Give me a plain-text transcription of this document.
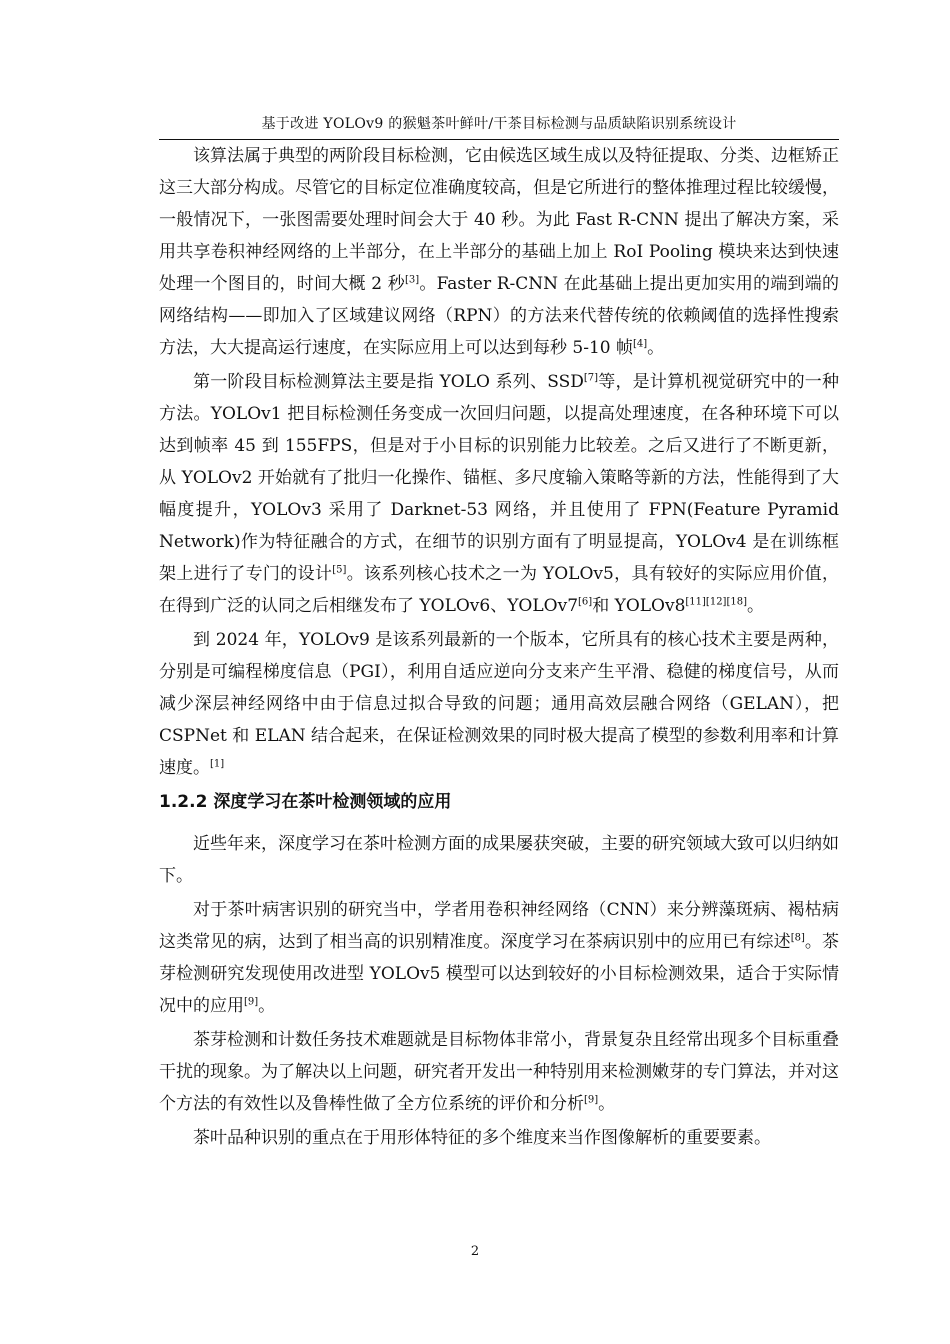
基于改进 YOLOv9 的猴魁茶叶鲜叶/干茶目标检测与品质缺陷识别系统设计

该算法属于典型的两阶段目标检测，它由候选区域生成以及特征提取、分类、边框矫正这三大部分构成。尽管它的目标定位准确度较高，但是它所进行的整体推理过程比较缓慢，一般情况下，一张图需要处理时间会大于 40 秒。为此 Fast R-CNN 提出了解决方案，采用共享卷积神经网络的上半部分，在上半部分的基础上加上 RoI Pooling 模块来达到快速处理一个图目的，时间大概 2 秒[3]。Faster R-CNN 在此基础上提出更加实用的端到端的网络结构——即加入了区域建议网络（RPN）的方法来代替传统的依赖阈值的选择性搜索方法，大大提高运行速度，在实际应用上可以达到每秒 5-10 帧[4]。

第一阶段目标检测算法主要是指 YOLO 系列、SSD[7]等，是计算机视觉研究中的一种方法。YOLOv1 把目标检测任务变成一次回归问题，以提高处理速度，在各种环境下可以达到帧率 45 到 155FPS，但是对于小目标的识别能力比较差。之后又进行了不断更新，从 YOLOv2 开始就有了批归一化操作、锚框、多尺度输入策略等新的方法，性能得到了大幅度提升，YOLOv3 采用了 Darknet-53 网络，并且使用了 FPN(Feature Pyramid Network)作为特征融合的方式，在细节的识别方面有了明显提高，YOLOv4 是在训练框架上进行了专门的设计[5]。该系列核心技术之一为 YOLOv5，具有较好的实际应用价值，在得到广泛的认同之后相继发布了 YOLOv6、YOLOv7[6]和 YOLOv8[11][12][18]。

到 2024 年，YOLOv9 是该系列最新的一个版本，它所具有的核心技术主要是两种，分别是可编程梯度信息（PGI），利用自适应逆向分支来产生平滑、稳健的梯度信号，从而减少深层神经网络中由于信息过拟合导致的问题；通用高效层融合网络（GELAN），把 CSPNet 和 ELAN 结合起来，在保证检测效果的同时极大提高了模型的参数利用率和计算速度。[1]

1.2.2 深度学习在茶叶检测领域的应用

近些年来，深度学习在茶叶检测方面的成果屡获突破，主要的研究领域大致可以归纳如下。

对于茶叶病害识别的研究当中，学者用卷积神经网络（CNN）来分辨藻斑病、褐枯病这类常见的病，达到了相当高的识别精准度。深度学习在茶病识别中的应用已有综述[8]。茶芽检测研究发现使用改进型 YOLOv5 模型可以达到较好的小目标检测效果，适合于实际情况中的应用[9]。

茶芽检测和计数任务技术难题就是目标物体非常小，背景复杂且经常出现多个目标重叠干扰的现象。为了解决以上问题，研究者开发出一种特别用来检测嫩芽的专门算法，并对这个方法的有效性以及鲁棒性做了全方位系统的评价和分析[9]。

茶叶品种识别的重点在于用形体特征的多个维度来当作图像解析的重要要素。

2
